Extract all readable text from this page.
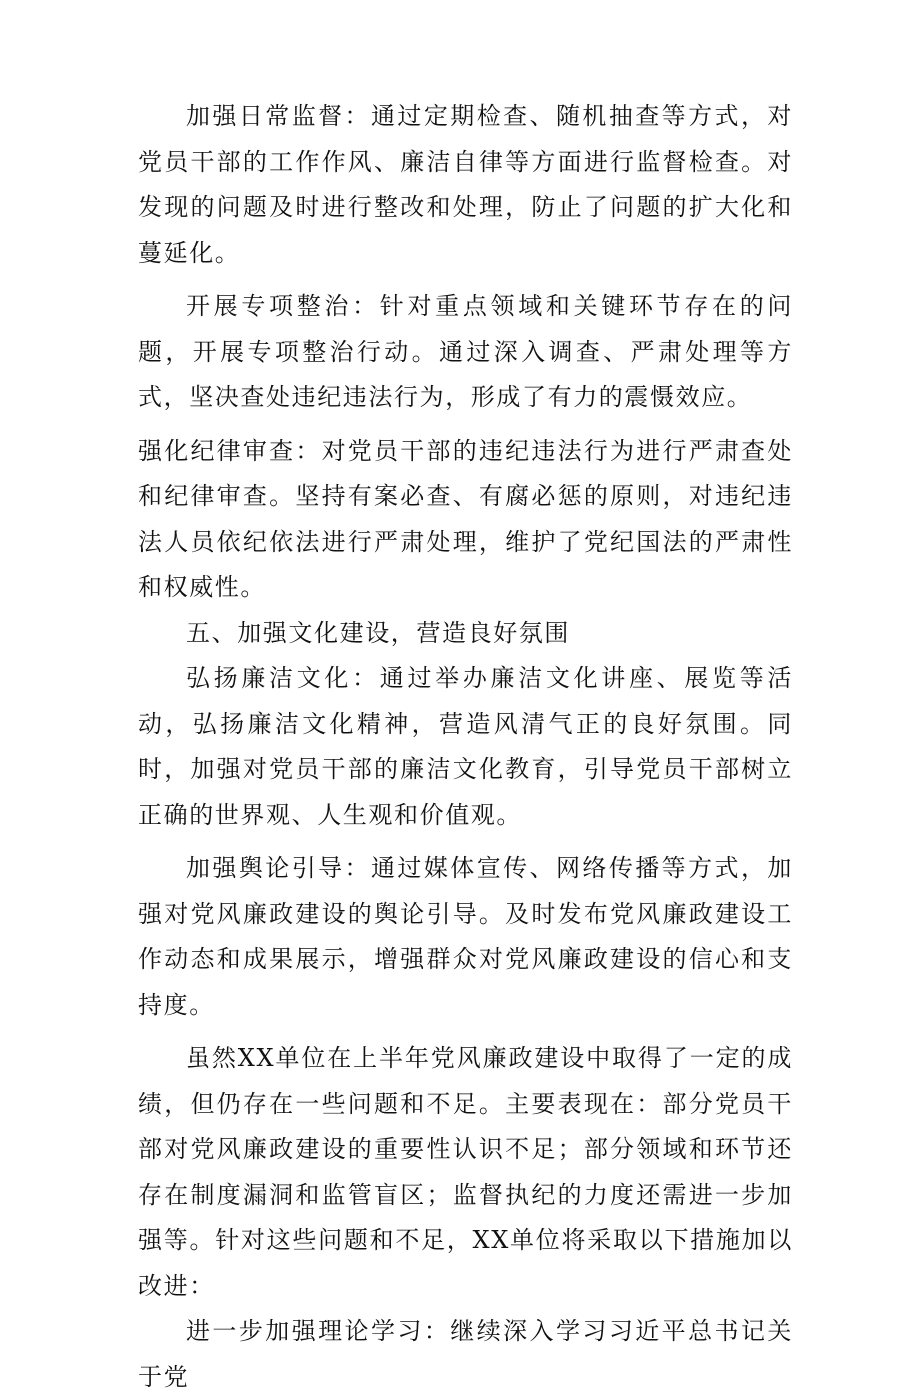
加强日常监督：通过定期检查、随机抽查等方式，对党员干部的工作作风、廉洁自律等方面进行监督检查。对发现的问题及时进行整改和处理，防止了问题的扩大化和蔓延化。

开展专项整治：针对重点领域和关键环节存在的问题，开展专项整治行动。通过深入调查、严肃处理等方式，坚决查处违纪违法行为，形成了有力的震慑效应。

强化纪律审查：对党员干部的违纪违法行为进行严肃查处和纪律审查。坚持有案必查、有腐必惩的原则，对违纪违法人员依纪依法进行严肃处理，维护了党纪国法的严肃性和权威性。

五、加强文化建设，营造良好氛围

弘扬廉洁文化：通过举办廉洁文化讲座、展览等活动，弘扬廉洁文化精神，营造风清气正的良好氛围。同时，加强对党员干部的廉洁文化教育，引导党员干部树立正确的世界观、人生观和价值观。

加强舆论引导：通过媒体宣传、网络传播等方式，加强对党风廉政建设的舆论引导。及时发布党风廉政建设工作动态和成果展示，增强群众对党风廉政建设的信心和支持度。

虽然XX单位在上半年党风廉政建设中取得了一定的成绩，但仍存在一些问题和不足。主要表现在：部分党员干部对党风廉政建设的重要性认识不足；部分领域和环节还存在制度漏洞和监管盲区；监督执纪的力度还需进一步加强等。针对这些问题和不足，XX单位将采取以下措施加以改进：

进一步加强理论学习：继续深入学习习近平总书记关于党
